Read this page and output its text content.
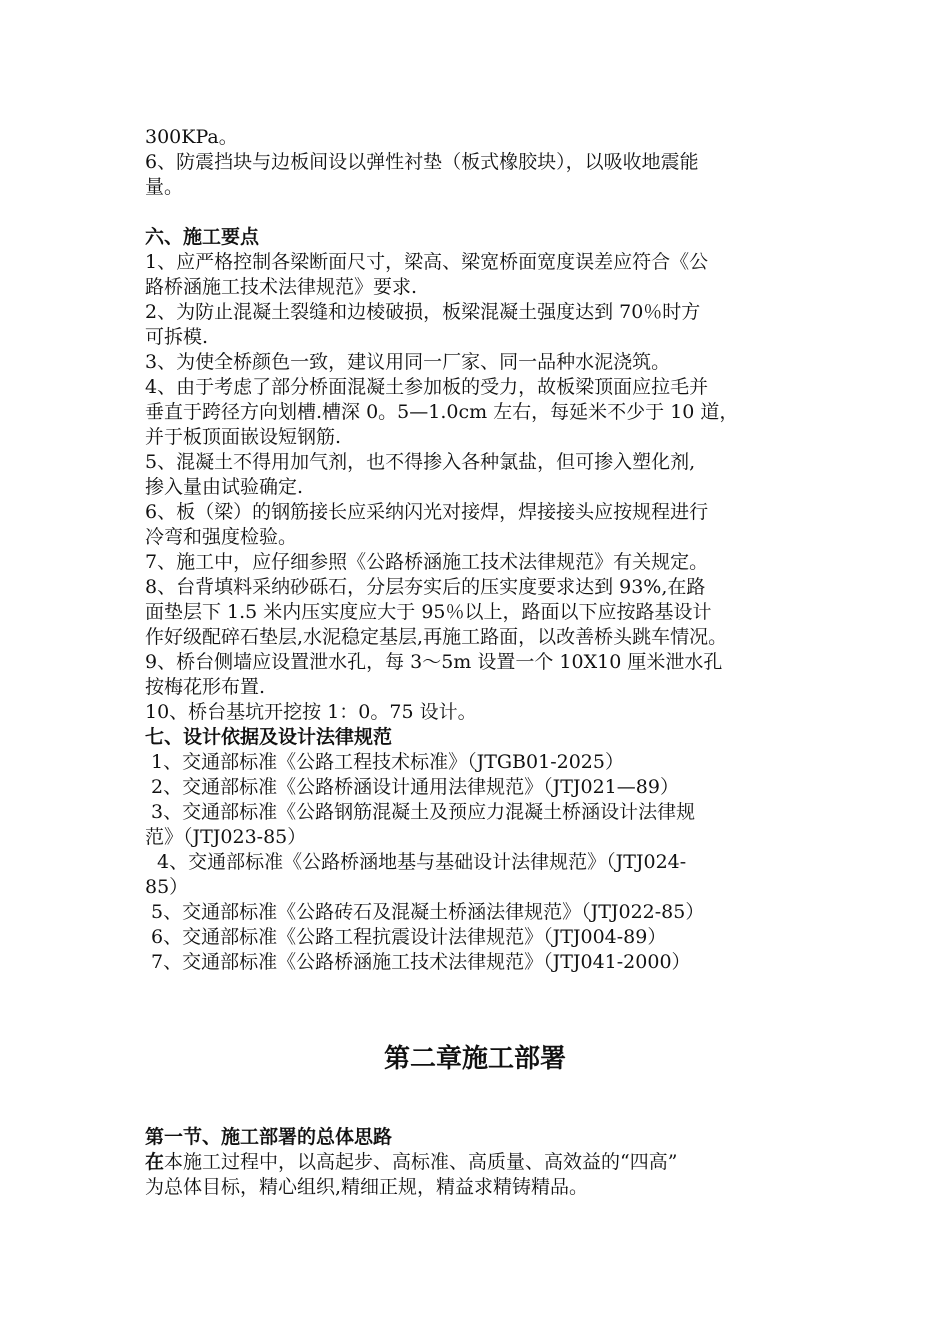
300KPa。

6、防震挡块与边板间设以弹性衬垫（板式橡胶块），以吸收地震能

量。

六、施工要点

1、应严格控制各梁断面尺寸，梁高、梁宽桥面宽度误差应符合《公

路桥涵施工技术法律规范》要求.

2、为防止混凝土裂缝和边棱破损，板梁混凝土强度达到 70％时方

可拆模.

3、为使全桥颜色一致，建议用同一厂家、同一品种水泥浇筑。

4、由于考虑了部分桥面混凝土参加板的受力，故板梁顶面应拉毛并

垂直于跨径方向划槽.槽深 0。5—1.0cm 左右，每延米不少于 10 道，

并于板顶面嵌设短钢筋.

5、混凝土不得用加气剂，也不得掺入各种氯盐，但可掺入塑化剂,

掺入量由试验确定.

6、板（梁）的钢筋接长应采纳闪光对接焊，焊接接头应按规程进行

冷弯和强度检验。

7、施工中，应仔细参照《公路桥涵施工技术法律规范》有关规定。

8、台背填料采纳砂砾石，分层夯实后的压实度要求达到 93%,在路

面垫层下 1.5 米内压实度应大于 95％以上，路面以下应按路基设计

作好级配碎石垫层,水泥稳定基层,再施工路面，以改善桥头跳车情况。

9、桥台侧墙应设置泄水孔，每 3～5m 设置一个 10X10 厘米泄水孔

按梅花形布置.

10、桥台基坑开挖按 1：0。75 设计。

七、设计依据及设计法律规范

1、交通部标准《公路工程技术标准》（JTGB01-2025）

2、交通部标准《公路桥涵设计通用法律规范》（JTJ021—89）

3、交通部标准《公路钢筋混凝土及预应力混凝土桥涵设计法律规

范》（JTJ023-85）

4、交通部标准《公路桥涵地基与基础设计法律规范》（JTJ024-

85）

5、交通部标准《公路砖石及混凝土桥涵法律规范》（JTJ022-85）

6、交通部标准《公路工程抗震设计法律规范》（JTJ004-89）

7、交通部标准《公路桥涵施工技术法律规范》（JTJ041-2000）

第二章施工部署

第一节、施工部署的总体思路

在本施工过程中，以高起步、高标准、高质量、高效益的“四高”

为总体目标，精心组织,精细正规，精益求精铸精品。
